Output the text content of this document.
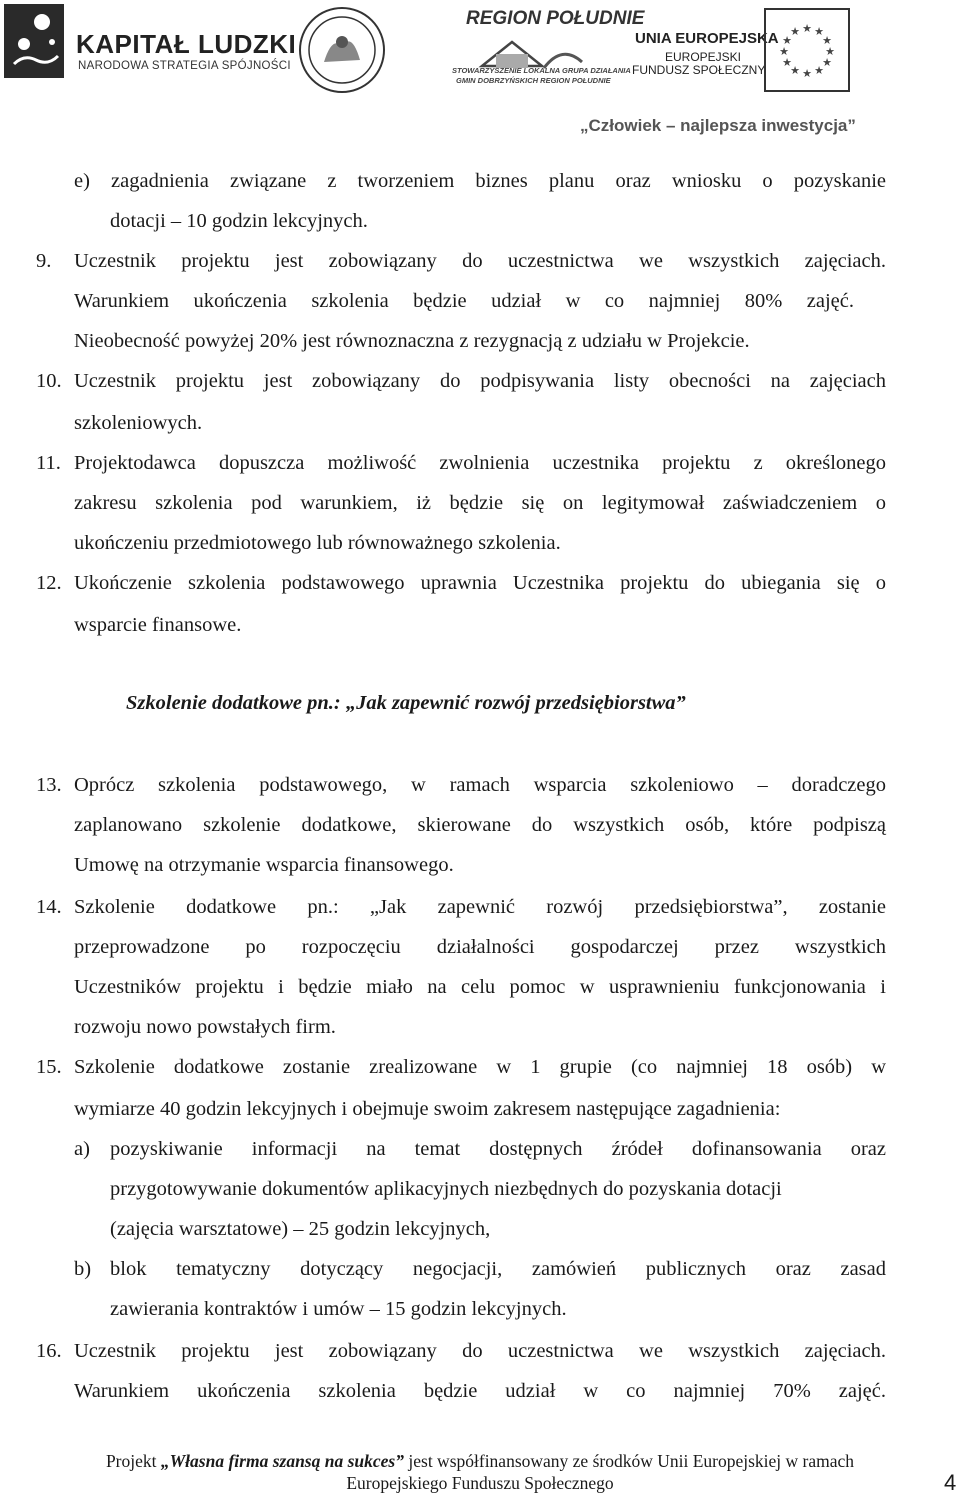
KAPITAŁ LUDZKI
NARODOWA STRATEGIA SPÓJNOŚCI
REGION POŁUDNIE
STOWARZYSZENIE LOKALNA GRUPA DZIAŁANIA
GMIN DOBRZYŃSKICH REGION POŁUDNIE
UNIA EUROPEJSKA
EUROPEJSKI
FUNDUSZ SPOŁECZNY
★ ★
★
★
★
★
★
★
★
★
★
★
„Człowiek – najlepsza inwestycja”
e) zagadnienia związane z tworzeniem biznes planu oraz wniosku o pozyskanie
dotacji – 10 godzin lekcyjnych.
9. Uczestnik projektu jest zobowiązany do uczestnictwa we wszystkich zajęciach.
Warunkiem ukończenia szkolenia będzie udział w co najmniej 80% zajęć.
Nieobecność powyżej 20% jest równoznaczna z rezygnacją z udziału w Projekcie.
10. Uczestnik projektu jest zobowiązany do podpisywania listy obecności na zajęciach
szkoleniowych.
11. Projektodawca dopuszcza możliwość zwolnienia uczestnika projektu z określonego
zakresu szkolenia pod warunkiem, iż będzie się on legitymował zaświadczeniem o
ukończeniu przedmiotowego lub równoważnego szkolenia.
12. Ukończenie szkolenia podstawowego uprawnia Uczestnika projektu do ubiegania się o
wsparcie finansowe.
Szkolenie dodatkowe pn.: „Jak zapewnić rozwój przedsiębiorstwa”
13. Oprócz szkolenia podstawowego, w ramach wsparcia szkoleniowo – doradczego
zaplanowano szkolenie dodatkowe, skierowane do wszystkich osób, które podpiszą
Umowę na otrzymanie wsparcia finansowego.
14. Szkolenie dodatkowe pn.: „Jak zapewnić rozwój przedsiębiorstwa”, zostanie
przeprowadzone po rozpoczęciu działalności gospodarczej przez wszystkich
Uczestników projektu i będzie miało na celu pomoc w usprawnieniu funkcjonowania i
rozwoju nowo powstałych firm.
15. Szkolenie dodatkowe zostanie zrealizowane w 1 grupie (co najmniej 18 osób) w
wymiarze 40 godzin lekcyjnych i obejmuje swoim zakresem następujące zagadnienia:
a) pozyskiwanie informacji na temat dostępnych źródeł dofinansowania oraz
przygotowywanie dokumentów aplikacyjnych niezbędnych do pozyskania dotacji
(zajęcia warsztatowe) – 25 godzin lekcyjnych,
b) blok tematyczny dotyczący negocjacji, zamówień publicznych oraz zasad
zawierania kontraktów i umów – 15 godzin lekcyjnych.
16. Uczestnik projektu jest zobowiązany do uczestnictwa we wszystkich zajęciach.
Warunkiem ukończenia szkolenia będzie udział w co najmniej 70% zajęć.
Projekt „Własna firma szansą na sukces” jest współfinansowany ze środków Unii Europejskiej w ramach
Europejskiego Funduszu Społecznego	4
